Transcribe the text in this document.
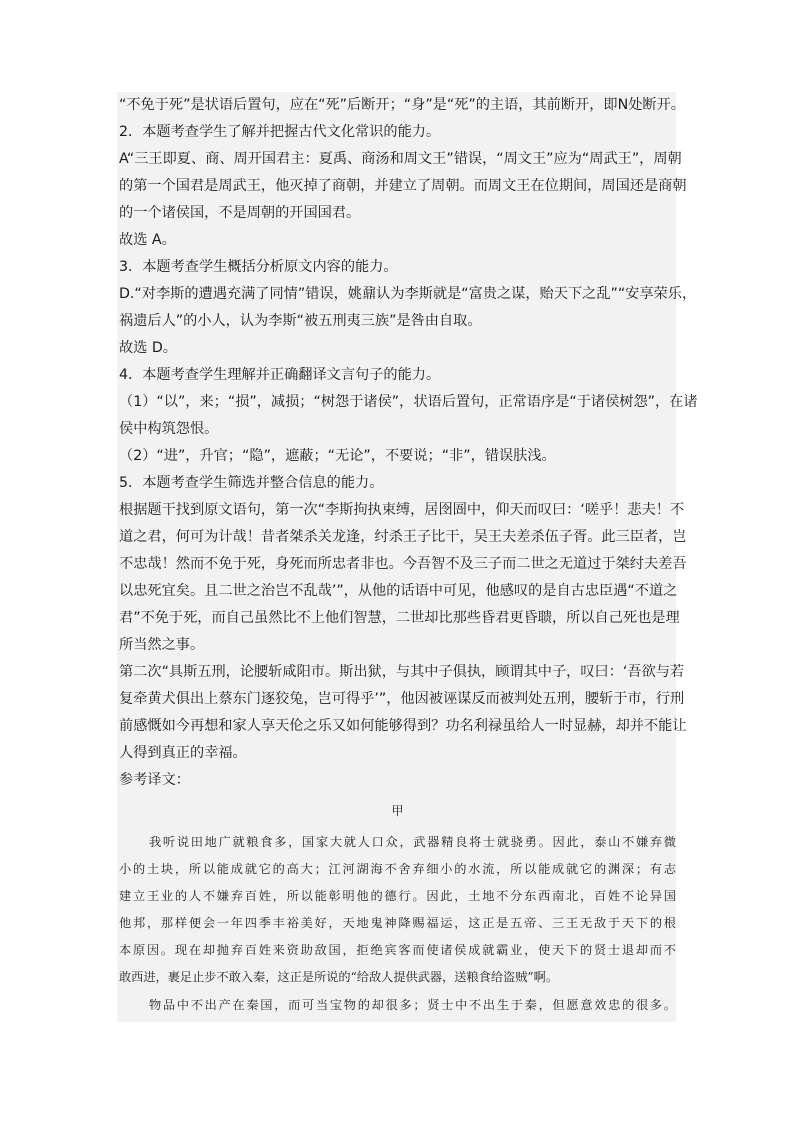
“不免于死”是状语后置句，应在“死”后断开；“身”是“死”的主语，其前断开，即N处断开。
2．本题考查学生了解并把握古代文化常识的能力。
A“三王即夏、商、周开国君主：夏禹、商汤和周文王”错误，“周文王”应为“周武王”，周朝
的第一个国君是周武王，他灭掉了商朝，并建立了周朝。而周文王在位期间，周国还是商朝
的一个诸侯国，不是周朝的开国国君。
故选 A。
3．本题考查学生概括分析原文内容的能力。
D.“对李斯的遭遇充满了同情”错误，姚鼐认为李斯就是“富贵之谋，贻天下之乱”“安享荣乐，
祸遗后人”的小人，认为李斯“被五刑夷三族”是咎由自取。
故选 D。
4．本题考查学生理解并正确翻译文言句子的能力。
（1）“以”，来；“损”，减损；“树怨于诸侯”，状语后置句，正常语序是“于诸侯树怨”，在诸
侯中构筑怨恨。
（2）“进”，升官；“隐”，遮蔽；“无论”，不要说；“非”，错误肤浅。
5．本题考查学生筛选并整合信息的能力。
根据题干找到原文语句，第一次“李斯拘执束缚，居囹圄中，仰天而叹曰：‘嗟乎！悲夫！不
道之君，何可为计哉！昔者桀杀关龙逢，纣杀王子比干，吴王夫差杀伍子胥。此三臣者，岂
不忠哉！然而不免于死，身死而所忠者非也。今吾智不及三子而二世之无道过于桀纣夫差吾
以忠死宜矣。且二世之治岂不乱哉’”，从他的话语中可见，他感叹的是自古忠臣遇“不道之
君”不免于死，而自己虽然比不上他们智慧，二世却比那些昏君更昏聩，所以自己死也是理
所当然之事。
第二次“具斯五刑，论腰斩咸阳市。斯出狱，与其中子俱执，顾谓其中子，叹曰：‘吾欲与若
复牵黄犬俱出上蔡东门逐狡兔，岂可得乎’”，他因被诬谋反而被判处五刑，腰斩于市，行刑
前感慨如今再想和家人享天伦之乐又如何能够得到？功名利禄虽给人一时显赫，却并不能让
人得到真正的幸福。
参考译文：
甲
我听说田地广就粮食多，国家大就人口众，武器精良将士就骁勇。因此，泰山不嫌弃微
小的土块，所以能成就它的高大；江河湖海不舍弃细小的水流，所以能成就它的渊深；有志
建立王业的人不嫌弃百姓，所以能彰明他的德行。因此，土地不分东西南北，百姓不论异国
他邦，那样便会一年四季丰裕美好，天地鬼神降赐福运，这正是五帝、三王无敌于天下的根
本原因。现在却抛弃百姓来资助敌国，拒绝宾客而使诸侯成就霸业，使天下的贤士退却而不
敢西进，裹足止步不敢入秦，这正是所说的“给敌人提供武器，送粮食给盗贼”啊。
物品中不出产在秦国，而可当宝物的却很多；贤士中不出生于秦，但愿意效忠的很多。
